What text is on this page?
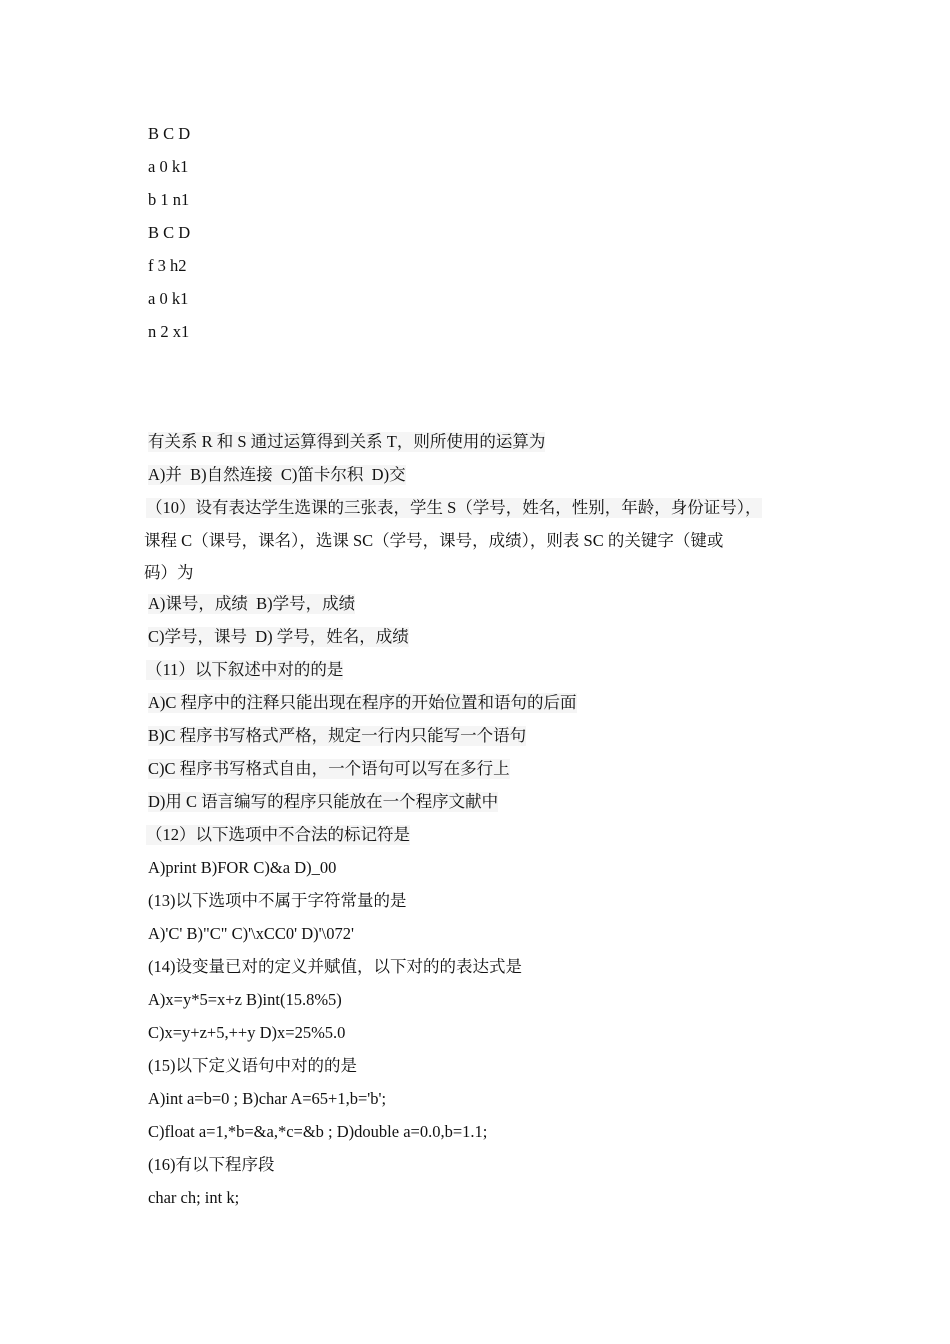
B C D
a 0 k1
b 1 n1
B C D
f 3 h2
a 0 k1
n 2 x1
有关系 R 和 S 通过运算得到关系 T，则所使用的运算为
A)并  B)自然连接  C)笛卡尔积  D)交
（10）设有表达学生选课的三张表，学生 S（学号，姓名，性别，年龄，身份证号），
课程 C（课号，课名），选课 SC（学号，课号，成绩），则表 SC 的关键字（键或
码）为
A)课号，成绩  B)学号，成绩
C)学号，课号  D) 学号，姓名，成绩
（11）以下叙述中对的的是
A)C 程序中的注释只能出现在程序的开始位置和语句的后面
B)C 程序书写格式严格，规定一行内只能写一个语句
C)C 程序书写格式自由，一个语句可以写在多行上
D)用 C 语言编写的程序只能放在一个程序文献中
（12）以下选项中不合法的标记符是
A)print B)FOR C)&a D)_00
(13)以下选项中不属于字符常量的是
A)'C' B)"C" C)'\xCC0' D)'\072'
(14)设变量已对的定义并赋值，以下对的的表达式是
A)x=y*5=x+z B)int(15.8%5)
C)x=y+z+5,++y D)x=25%5.0
(15)以下定义语句中对的的是
A)int a=b=0 ; B)char A=65+1,b='b';
C)float a=1,*b=&a,*c=&b ; D)double a=0.0,b=1.1;
(16)有以下程序段
char ch; int k;
